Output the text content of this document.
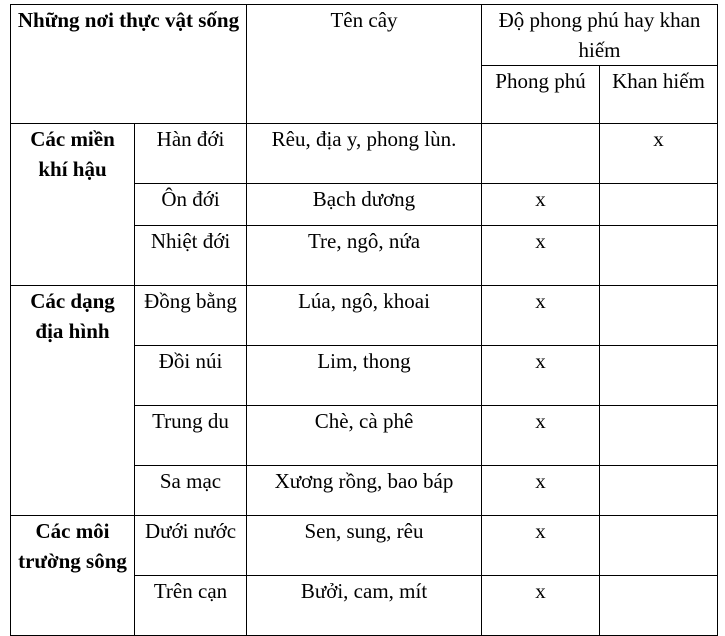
Những nơi thực vật sống		Tên cây	Độ phong phú hay khan hiếm	
			Phong phú	Khan hiếm
Các miền khí hậu	Hàn đới	Rêu, địa y, phong lùn.		x
	Ôn đới	Bạch dương	x	
	Nhiệt đới	Tre, ngô, nứa	x	
Các dạng địa hình	Đồng bằng	Lúa, ngô, khoai	x	
	Đồi núi	Lim, thong	x	
	Trung du	Chè, cà phê	x	
	Sa mạc	Xương rồng, bao báp	x	
Các môi trường sông	Dưới nước	Sen, sung, rêu	x	
	Trên cạn	Bưởi, cam, mít	x	
